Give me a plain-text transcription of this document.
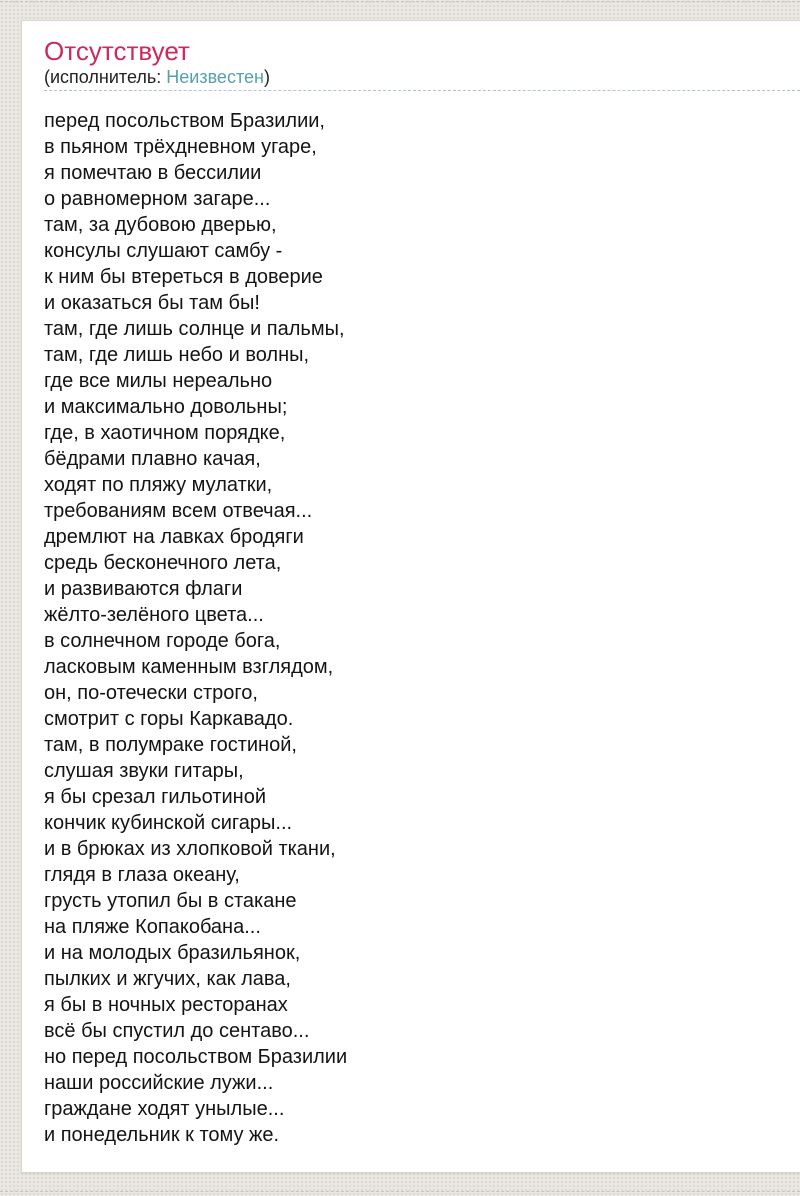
Отсутствует
(исполнитель: Неизвестен)
перед посольством Бразилии,
в пьяном трёхдневном угаре,
я помечтаю в бессилии
о равномерном загаре...
там, за дубовою дверью,
консулы слушают самбу -
к ним бы втереться в доверие
и оказаться бы там бы!
там, где лишь солнце и пальмы,
там, где лишь небо и волны,
где все милы нереально
и максимально довольны;
где, в хаотичном порядке,
бёдрами плавно качая,
ходят по пляжу мулатки,
требованиям всем отвечая...
дремлют на лавках бродяги
средь бесконечного лета,
и развиваются флаги
жёлто-зелёного цвета...
в солнечном городе бога,
ласковым каменным взглядом,
он, по-отечески строго,
смотрит с горы Каркавадо.
там, в полумраке гостиной,
слушая звуки гитары,
я бы срезал гильотиной
кончик кубинской сигары...
и в брюках из хлопковой ткани,
глядя в глаза океану,
грусть утопил бы в стакане
на пляже Копакобана...
и на молодых бразильянок,
пылких и жгучих, как лава,
я бы в ночных ресторанах
всё бы спустил до сентаво...
но перед посольством Бразилии
наши российские лужи...
граждане ходят унылые...
и понедельник к тому же.
